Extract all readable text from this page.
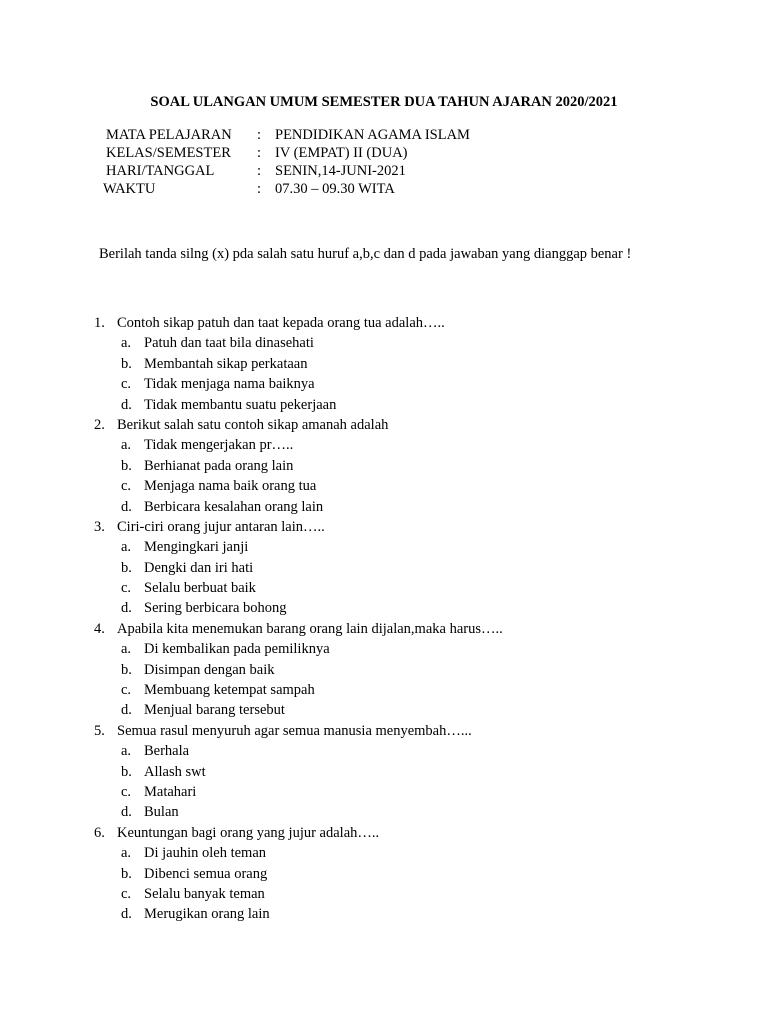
SOAL ULANGAN UMUM SEMESTER DUA TAHUN AJARAN 2020/2021
MATA PELAJARAN : PENDIDIKAN AGAMA ISLAM
KELAS/SEMESTER : IV (EMPAT) II (DUA)
HARI/TANGGAL	: SENIN,14-JUNI-2021
WAKTU	: 07.30 – 09.30 WITA
Berilah tanda silng (x) pda salah satu huruf a,b,c dan d pada jawaban yang dianggap benar !
1. Contoh sikap patuh dan taat kepada orang tua adalah…..
a. Patuh dan taat bila dinasehati
b. Membantah sikap perkataan
c. Tidak menjaga nama baiknya
d. Tidak membantu suatu pekerjaan
2. Berikut salah satu contoh sikap amanah adalah
a. Tidak mengerjakan pr…..
b. Berhianat pada orang lain
c. Menjaga nama baik orang tua
d. Berbicara kesalahan orang lain
3. Ciri-ciri orang jujur antaran lain…..
a. Mengingkari janji
b. Dengki dan iri hati
c. Selalu berbuat baik
d. Sering berbicara bohong
4. Apabila kita menemukan barang orang lain dijalan,maka harus…..
a. Di kembalikan pada pemiliknya
b. Disimpan dengan baik
c. Membuang ketempat sampah
d. Menjual barang tersebut
5. Semua rasul menyuruh agar semua manusia menyembah…...
a. Berhala
b. Allash swt
c. Matahari
d. Bulan
6. Keuntungan bagi orang yang jujur adalah…..
a. Di jauhin oleh teman
b. Dibenci semua orang
c. Selalu banyak teman
d. Merugikan orang lain
